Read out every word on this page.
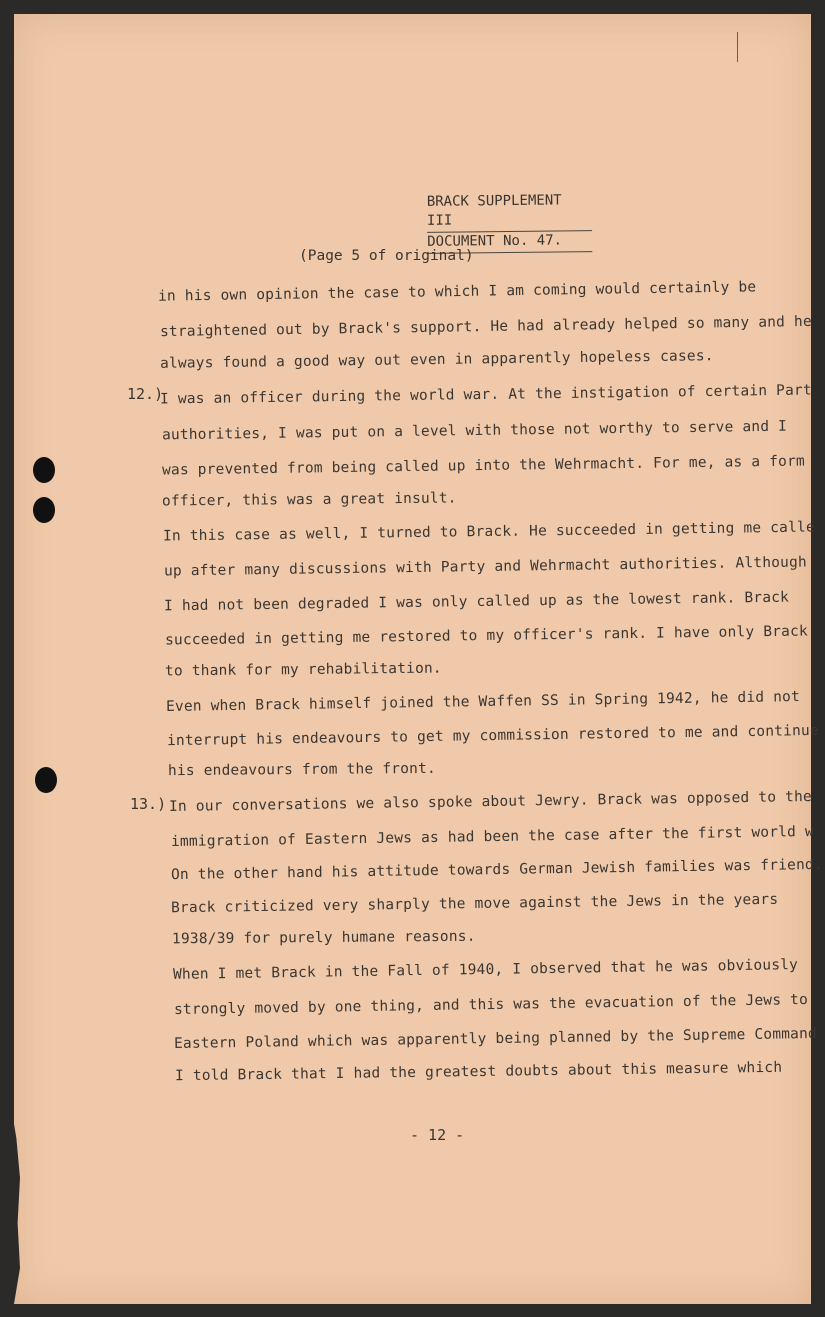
BRACK SUPPLEMENT III
DOCUMENT No. 47.
(Page 5 of original)
12.)
13.)
in his own opinion the case to which I am coming would certainly be
straightened out by Brack's support. He had already helped so many and he
always found a good way out even in apparently hopeless cases.
I was an officer during the world war. At the instigation of certain Part
authorities, I was put on a level with those not worthy to serve and I
was prevented from being called up into the Wehrmacht. For me, as a form
officer, this was a great insult.
In this case as well, I turned to Brack. He succeeded in getting me calle
up after many discussions with Party and Wehrmacht authorities. Although
I had not been degraded I was only called up as the lowest rank. Brack
succeeded in getting me restored to my officer's rank. I have only Brack
to thank for my rehabilitation.
Even when Brack himself joined the Waffen SS in Spring 1942, he did not
interrupt his endeavours to get my commission restored to me and continue
his endeavours from the front.
In our conversations we also spoke about Jewry. Brack was opposed to the
immigration of Eastern Jews as had been the case after the first world w
On the other hand his attitude towards German Jewish families was friend.
Brack criticized very sharply the move against the Jews in the years
1938/39 for purely humane reasons.
When I met Brack in the Fall of 1940, I observed that he was obviously
strongly moved by one thing, and this was the evacuation of the Jews to
Eastern Poland which was apparently being planned by the Supreme Command
I told Brack that I had the greatest doubts about this measure which
- 12 -
